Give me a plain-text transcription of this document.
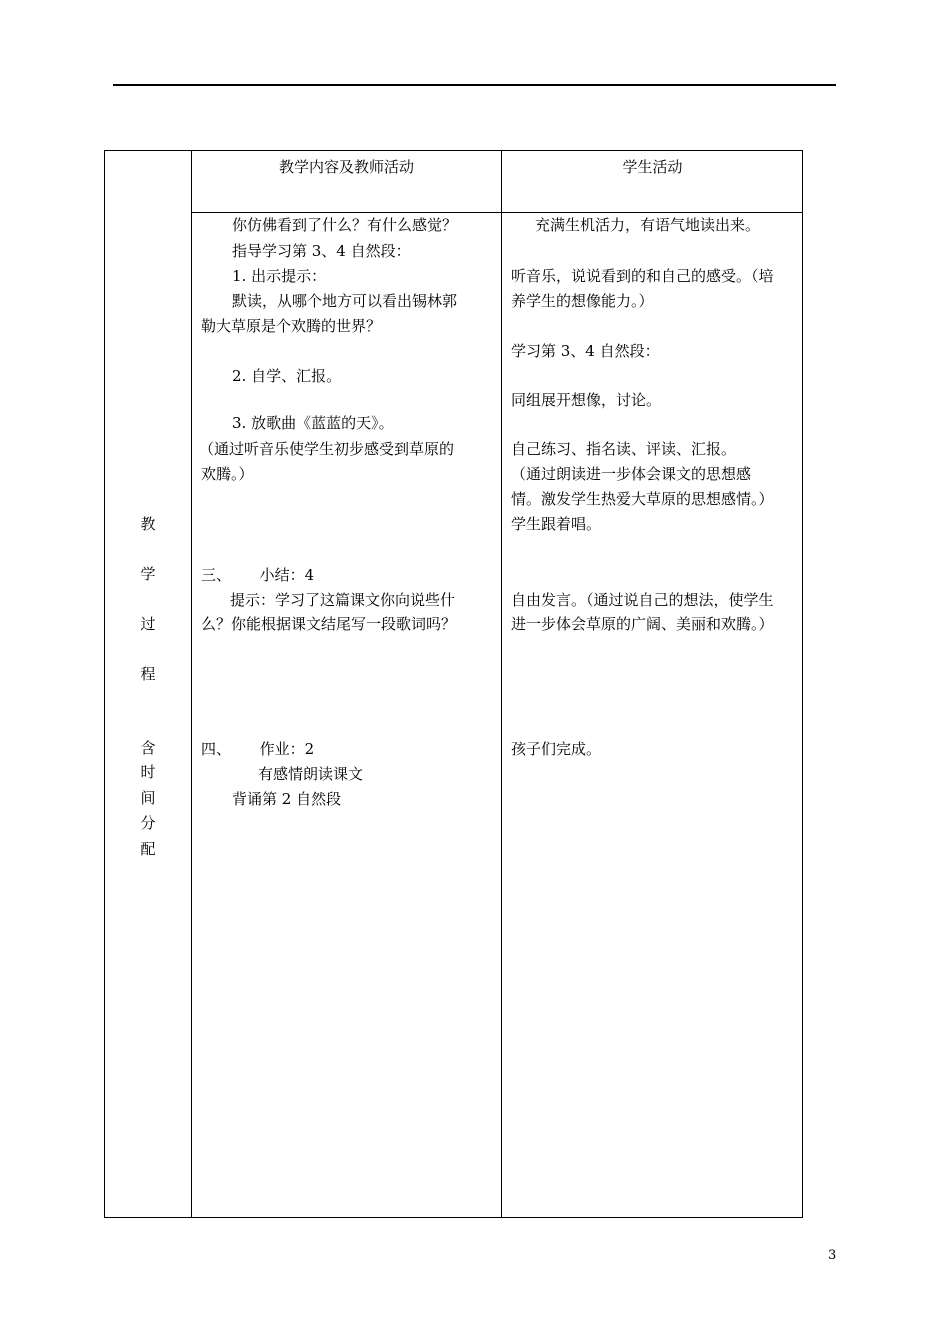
教学内容及教师活动	学生活动
教
学
过
程
含
时
间
分
配
你仿佛看到了什么？有什么感觉？
指导学习第 3、4 自然段：
1. 出示提示：
默读，从哪个地方可以看出锡林郭
勒大草原是个欢腾的世界？
2. 自学、汇报。
3. 放歌曲《蓝蓝的天》。
（通过听音乐使学生初步感受到草原的
欢腾。）
三、      小结：4
提示：学习了这篇课文你向说些什
么？你能根据课文结尾写一段歌词吗？
四、      作业：2
有感情朗读课文
背诵第 2 自然段
充满生机活力，有语气地读出来。
听音乐，说说看到的和自己的感受。（培
养学生的想像能力。）
学习第 3、4 自然段：
同组展开想像，讨论。
自己练习、指名读、评读、汇报。
（通过朗读进一步体会课文的思想感
情。激发学生热爱大草原的思想感情。）
学生跟着唱。
自由发言。（通过说自己的想法，使学生
进一步体会草原的广阔、美丽和欢腾。）
孩子们完成。
3
